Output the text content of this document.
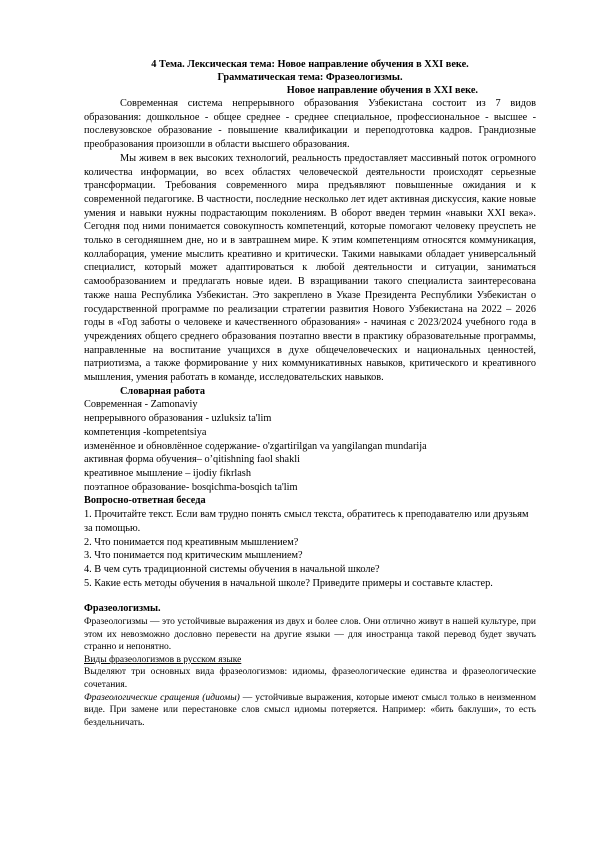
4 Тема. Лексическая тема: Новое направление обучения в XXI веке.
Грамматическая тема: Фразеологизмы.
Новое направление обучения в XXI веке.

Современная система непрерывного образования Узбекистана состоит из 7 видов образования: дошкольное - общее среднее - среднее специальное, профессиональное - высшее - послевузовское образование - повышение квалификации и переподготовка кадров. Грандиозные преобразования произошли в области высшего образования.

Мы живем в век высоких технологий, реальность предоставляет массивный поток огромного количества информации, во всех областях человеческой деятельности происходят серьезные трансформации. Требования современного мира предъявляют повышенные ожидания и к современной педагогике. В частности, последние несколько лет идет активная дискуссия, какие новые умения и навыки нужны подрастающим поколениям. В оборот введен термин «навыки XXI века». Сегодня под ними понимается совокупность компетенций, которые помогают человеку преуспеть не только в сегодняшнем дне, но и в завтрашнем мире. К этим компетенциям относятся коммуникация, коллаборация, умение мыслить креативно и критически. Такими навыками обладает универсальный специалист, который может адаптироваться к любой деятельности и ситуации, заниматься самообразованием и предлагать новые идеи. В взращивании такого специалиста заинтересована также наша Республика Узбекистан. Это закреплено в Указе Президента Республики Узбекистан о государственной программе по реализации стратегии развития Нового Узбекистана на 2022 – 2026 годы в «Год заботы о человеке и качественного образования» - начиная с 2023/2024 учебного года в учреждениях общего среднего образования поэтапно ввести в практику образовательные программы, направленные на воспитание учащихся в духе общечеловеческих и национальных ценностей, патриотизма, а также формирование у них коммуникативных навыков, критического и креативного мышления, умения работать в команде, исследовательских навыков.

Словарная работа
Современная - Zamonaviy
непрерывного образования - uzluksiz ta'lim
компетенция -kompetentsiya
изменённое и обновлённое содержание- o'zgartirilgan va yangilangan mundarija
активная форма обучения– o’qitishning faol shakli
креативное мышление – ijodiy fikrlash
поэтапное образование- bosqichma-bosqich ta'lim
Вопросно-ответная беседа
1. Прочитайте текст. Если вам трудно понять смысл текста, обратитесь к преподавателю или друзьям за помощью.
2. Что понимается под креативным мышлением?
3. Что понимается под критическим мышлением?
4. В чем суть традиционной системы обучения в начальной школе?
5. Какие есть методы обучения в начальной школе? Приведите примеры и составьте кластер.
Фразеологизмы.

Фразеологизмы — это устойчивые выражения из двух и более слов. Они отлично живут в нашей культуре, при этом их невозможно дословно перевести на другие языки — для иностранца такой перевод будет звучать странно и непонятно.

Виды фразеологизмов в русском языке

Выделяют три основных вида фразеологизмов: идиомы, фразеологические единства и фразеологические сочетания.

Фразеологические сращения (идиомы) — устойчивые выражения, которые имеют смысл только в неизменном виде. При замене или перестановке слов смысл идиомы потеряется. Например: «бить баклуши», то есть бездельничать.
